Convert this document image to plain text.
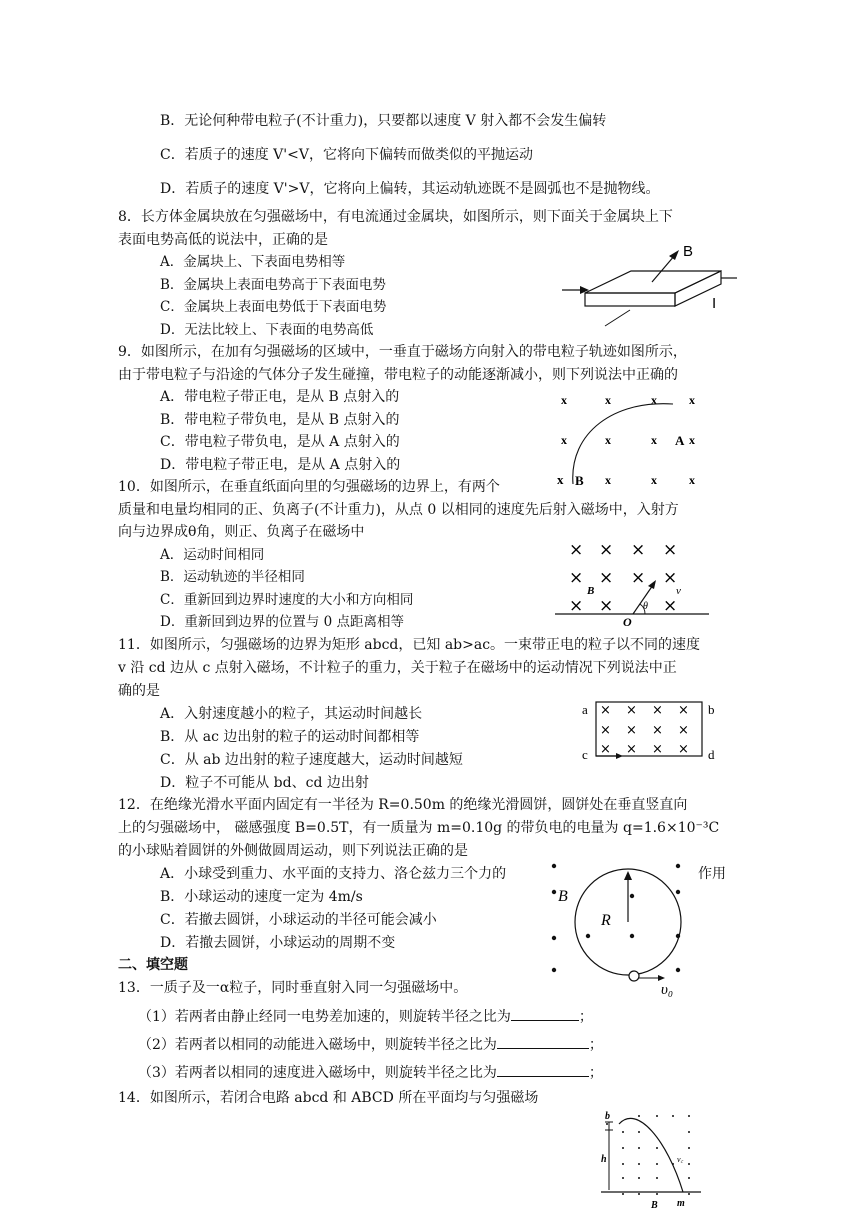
B．无论何种带电粒子(不计重力)，只要都以速度 V 射入都不会发生偏转
C．若质子的速度 V'<V，它将向下偏转而做类似的平抛运动
D．若质子的速度 V'>V，它将向上偏转，其运动轨迹既不是圆弧也不是抛物线。
8．长方体金属块放在匀强磁场中，有电流通过金属块，如图所示，则下面关于金属块上下
表面电势高低的说法中，正确的是
A．金属块上、下表面电势相等
B．金属块上表面电势高于下表面电势
C．金属块上表面电势低于下表面电势
D．无法比较上、下表面的电势高低
9．如图所示，在加有匀强磁场的区域中，一垂直于磁场方向射入的带电粒子轨迹如图所示，
由于带电粒子与沿途的气体分子发生碰撞，带电粒子的动能逐渐减小，则下列说法中正确的
A．带电粒子带正电，是从 B 点射入的
B．带电粒子带负电，是从 B 点射入的
C．带电粒子带负电，是从 A 点射入的
D．带电粒子带正电，是从 A 点射入的
10．如图所示，在垂直纸面向里的匀强磁场的边界上，有两个
质量和电量均相同的正、负离子(不计重力)，从点 0 以相同的速度先后射入磁场中，入射方
向与边界成θ角，则正、负离子在磁场中
A．运动时间相同
B．运动轨迹的半径相同
C．重新回到边界时速度的大小和方向相同
D．重新回到边界的位置与 0 点距离相等
11．如图所示，匀强磁场的边界为矩形 abcd，已知 ab>ac。一束带正电的粒子以不同的速度
v 沿 cd 边从 c 点射入磁场，不计粒子的重力，关于粒子在磁场中的运动情况下列说法中正
确的是
A．入射速度越小的粒子，其运动时间越长
B．从 ac 边出射的粒子的运动时间都相等
C．从 ab 边出射的粒子速度越大，运动时间越短
D．粒子不可能从 bd、cd 边出射
12．在绝缘光滑水平面内固定有一半径为 R=0.50m 的绝缘光滑圆饼，圆饼处在垂直竖直向
上的匀强磁场中， 磁感强度 B=0.5T，有一质量为 m=0.10g 的带负电的电量为 q=1.6×10⁻³C
的小球贴着圆饼的外侧做圆周运动，则下列说法正确的是
A．小球受到重力、水平面的支持力、洛仑兹力三个力的	作用
B．小球运动的速度一定为 4m/s
C．若撤去圆饼，小球运动的半径可能会减小
D．若撤去圆饼，小球运动的周期不变
二、填空题
13．一质子及一α粒子，同时垂直射入同一匀强磁场中。
（1）若两者由静止经同一电势差加速的，则旋转半径之比为	；
（2）若两者以相同的动能进入磁场中，则旋转半径之比为	；
（3）若两者以相同的速度进入磁场中，则旋转半径之比为	；
14．如图所示，若闭合电路 abcd 和 ABCD 所在平面均与匀强磁场
B
I
x	x	x	x
x	x	x	x
x	x	x
A
x B
× × × ×
× × × ×
× ×	×
B
θ
v
O
a	b
c	d
× × × ×
× × × ×
× × × ×
R
B
υ₀
b
h	v꜀
B m
